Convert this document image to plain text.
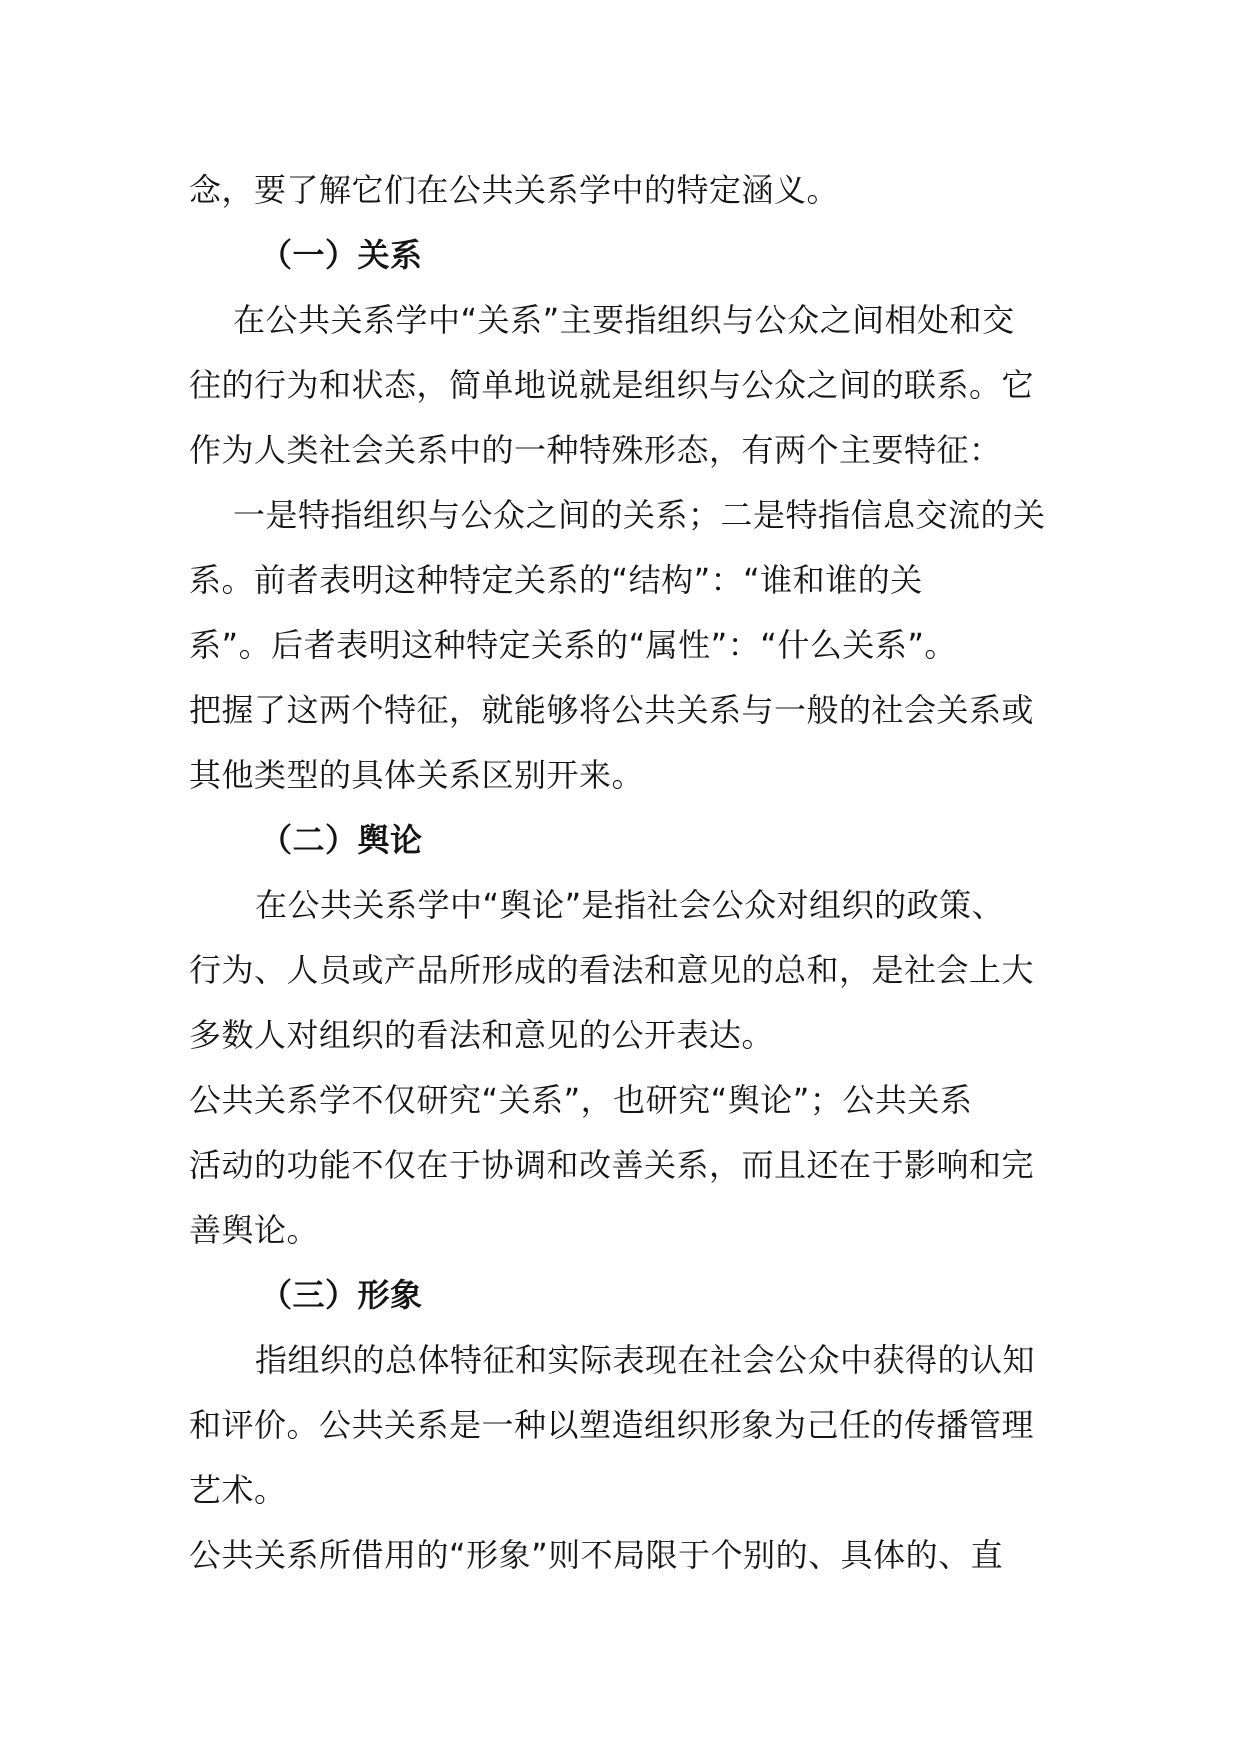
念，要了解它们在公共关系学中的特定涵义。
（一）关系
在公共关系学中“关系”主要指组织与公众之间相处和交
往的行为和状态，简单地说就是组织与公众之间的联系。它
作为人类社会关系中的一种特殊形态，有两个主要特征：
一是特指组织与公众之间的关系；二是特指信息交流的关
系。前者表明这种特定关系的“结构”：“谁和谁的关
系”。后者表明这种特定关系的“属性”：“什么关系”。
把握了这两个特征，就能够将公共关系与一般的社会关系或
其他类型的具体关系区别开来。
（二）舆论
在公共关系学中“舆论”是指社会公众对组织的政策、
行为、人员或产品所形成的看法和意见的总和，是社会上大
多数人对组织的看法和意见的公开表达。
公共关系学不仅研究“关系”，也研究“舆论”；公共关系
活动的功能不仅在于协调和改善关系，而且还在于影响和完
善舆论。
（三）形象
指组织的总体特征和实际表现在社会公众中获得的认知
和评价。公共关系是一种以塑造组织形象为己任的传播管理
艺术。
公共关系所借用的“形象”则不局限于个别的、具体的、直
